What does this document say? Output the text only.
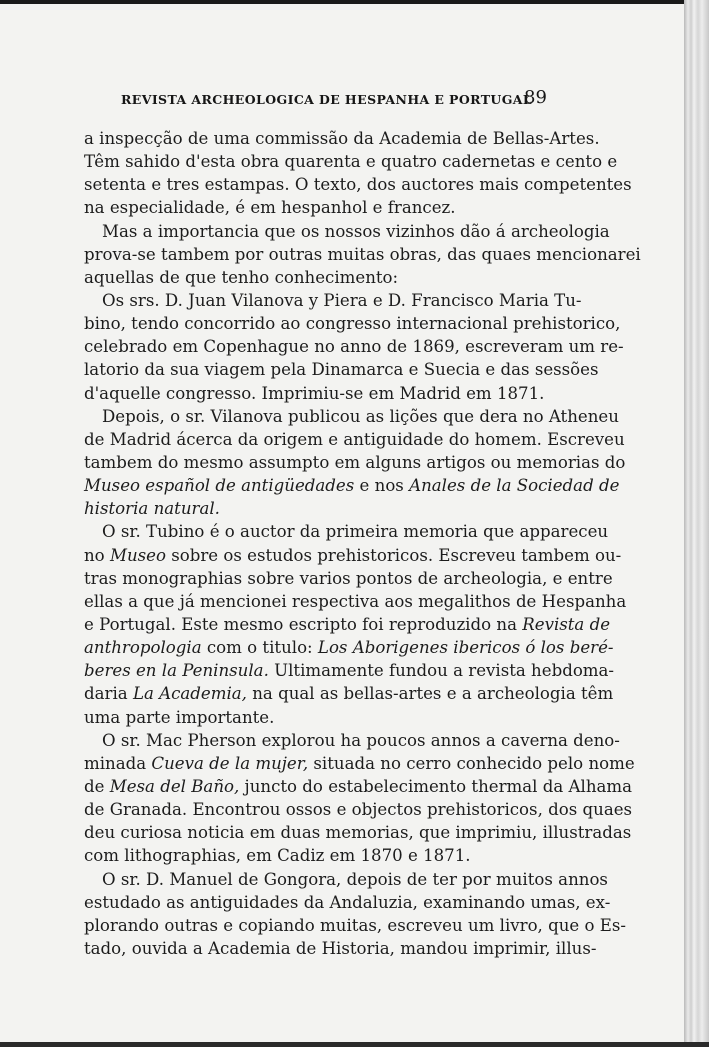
REVISTA ARCHEOLOGICA DE HESPANHA E PORTUGAL
89
a inspecção de uma commissão da Academia de Bellas-Artes.
Têm sahido d'esta obra quarenta e quatro cadernetas e cento e
setenta e tres estampas. O texto, dos auctores mais competentes
na especialidade, é em hespanhol e francez.
Mas a importancia que os nossos vizinhos dão á archeologia
prova-se tambem por outras muitas obras, das quaes mencionarei
aquellas de que tenho conhecimento:
Os srs. D. Juan Vilanova y Piera e D. Francisco Maria Tu-
bino, tendo concorrido ao congresso internacional prehistorico,
celebrado em Copenhague no anno de 1869, escreveram um re-
latorio da sua viagem pela Dinamarca e Suecia e das sessões
d'aquelle congresso. Imprimiu-se em Madrid em 1871.
Depois, o sr. Vilanova publicou as lições que dera no Atheneu
de Madrid ácerca da origem e antiguidade do homem. Escreveu
tambem do mesmo assumpto em alguns artigos ou memorias do
Museo español de antigüedades e nos Anales de la Sociedad de
historia natural.
O sr. Tubino é o auctor da primeira memoria que appareceu
no Museo sobre os estudos prehistoricos. Escreveu tambem ou-
tras monographias sobre varios pontos de archeologia, e entre
ellas a que já mencionei respectiva aos megalithos de Hespanha
e Portugal. Este mesmo escripto foi reproduzido na Revista de
anthropologia com o titulo: Los Aborigenes ibericos ó los beré-
beres en la Peninsula. Ultimamente fundou a revista hebdoma-
daria La Academia, na qual as bellas-artes e a archeologia têm
uma parte importante.
O sr. Mac Pherson explorou ha poucos annos a caverna deno-
minada Cueva de la mujer, situada no cerro conhecido pelo nome
de Mesa del Baño, juncto do estabelecimento thermal da Alhama
de Granada. Encontrou ossos e objectos prehistoricos, dos quaes
deu curiosa noticia em duas memorias, que imprimiu, illustradas
com lithographias, em Cadiz em 1870 e 1871.
O sr. D. Manuel de Gongora, depois de ter por muitos annos
estudado as antiguidades da Andaluzia, examinando umas, ex-
plorando outras e copiando muitas, escreveu um livro, que o Es-
tado, ouvida a Academia de Historia, mandou imprimir, illus-
